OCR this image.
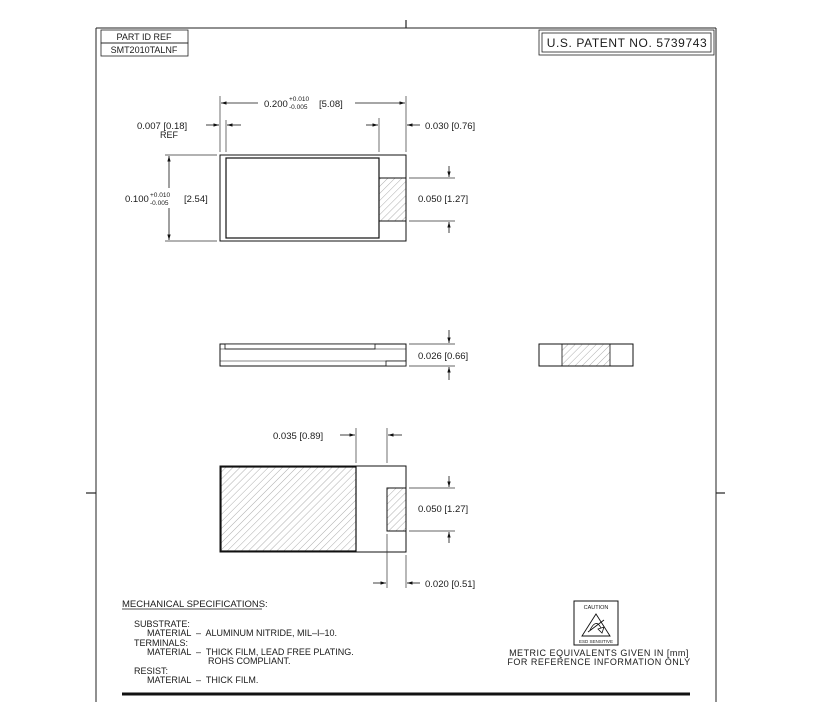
PART ID REF
SMT2010TALNF	U.S. PATENT NO. 5739743
0.200 +0.010
-0.005 [5.08]
0.007 [0.18]
REF
0.030 [0.76]
0.100 +0.010
-0.005 [2.54]	0.050 [1.27]
0.026 [0.66]
0.035 [0.89]
0.050 [1.27]
0.020 [0.51]
MECHANICAL SPECIFICATIONS:
SUBSTRATE:
MATERIAL  –  ALUMINUM NITRIDE, MIL–I–10.
TERMINALS:
MATERIAL  –  THICK FILM, LEAD FREE PLATING.
ROHS COMPLIANT.
RESIST:
MATERIAL  –  THICK FILM.
CAUTION
ESD SENSITIVE
METRIC EQUIVALENTS GIVEN IN [mm]
FOR REFERENCE INFORMATION ONLY
